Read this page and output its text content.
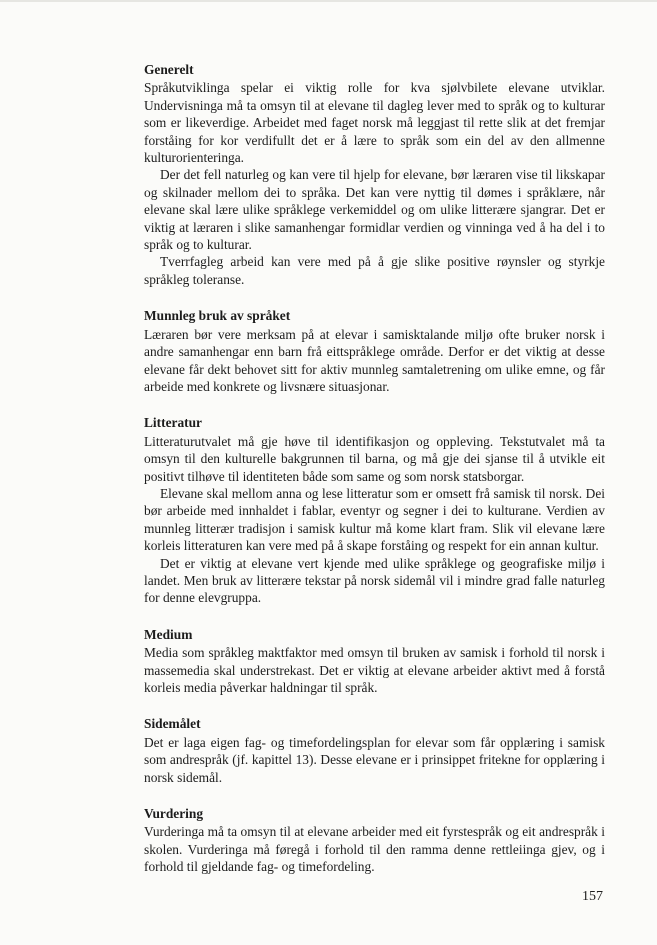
Generelt

Språkutviklinga spelar ei viktig rolle for kva sjølvbilete elevane utviklar. Undervisninga må ta omsyn til at elevane til dagleg lever med to språk og to kulturar som er likeverdige. Arbeidet med faget norsk må leggjast til rette slik at det fremjar forståing for kor verdifullt det er å lære to språk som ein del av den allmenne kulturorienteringa.

Der det fell naturleg og kan vere til hjelp for elevane, bør læraren vise til likskapar og skilnader mellom dei to språka. Det kan vere nyttig til dømes i språklære, når elevane skal lære ulike språklege verkemiddel og om ulike litterære sjangrar. Det er viktig at læraren i slike samanhengar formidlar verdien og vinninga ved å ha del i to språk og to kulturar.

Tverrfagleg arbeid kan vere med på å gje slike positive røynsler og styrkje språkleg toleranse.

Munnleg bruk av språket

Læraren bør vere merksam på at elevar i samisktalande miljø ofte bruker norsk i andre samanhengar enn barn frå eittspråklege område. Derfor er det viktig at desse elevane får dekt behovet sitt for aktiv munnleg samtaletrening om ulike emne, og får arbeide med konkrete og livsnære situasjonar.

Litteratur

Litteraturutvalet må gje høve til identifikasjon og oppleving. Tekstutvalet må ta omsyn til den kulturelle bakgrunnen til barna, og må gje dei sjanse til å utvikle eit positivt tilhøve til identiteten både som same og som norsk statsborgar.

Elevane skal mellom anna og lese litteratur som er omsett frå samisk til norsk. Dei bør arbeide med innhaldet i fablar, eventyr og segner i dei to kulturane. Verdien av munnleg litterær tradisjon i samisk kultur må kome klart fram. Slik vil elevane lære korleis litteraturen kan vere med på å skape forståing og respekt for ein annan kultur.

Det er viktig at elevane vert kjende med ulike språklege og geografiske miljø i landet. Men bruk av litterære tekstar på norsk sidemål vil i mindre grad falle naturleg for denne elevgruppa.

Medium

Media som språkleg maktfaktor med omsyn til bruken av samisk i forhold til norsk i massemedia skal understrekast. Det er viktig at elevane arbeider aktivt med å forstå korleis media påverkar haldningar til språk.

Sidemålet

Det er laga eigen fag- og timefordelingsplan for elevar som får opplæring i samisk som andrespråk (jf. kapittel 13). Desse elevane er i prinsippet fritekne for opplæring i norsk sidemål.

Vurdering

Vurderinga må ta omsyn til at elevane arbeider med eit fyrstespråk og eit andrespråk i skolen. Vurderinga må føregå i forhold til den ramma denne rettleiinga gjev, og i forhold til gjeldande fag- og timefordeling.

157
